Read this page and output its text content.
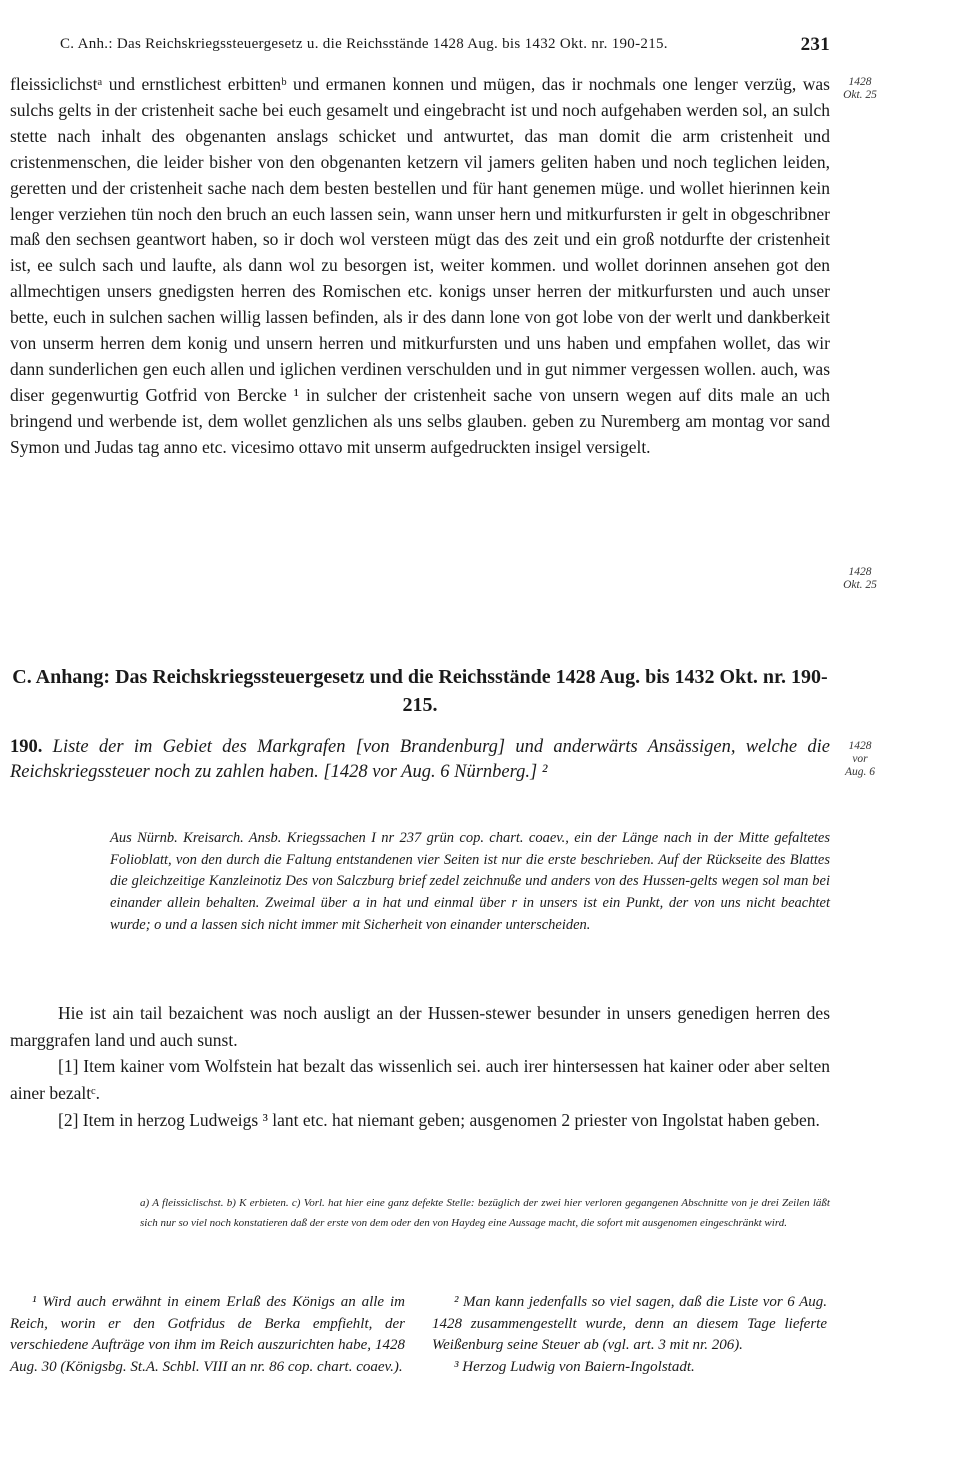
C. Anh.: Das Reichskriegssteuergesetz u. die Reichsstände 1428 Aug. bis 1432 Okt. nr. 190-215.	231
1428
Okt. 25
fleissiclichstᵃ und ernstlichest erbittenᵇ und ermanen konnen und mügen, das ir nochmals one lenger verzüg, was sulchs gelts in der cristenheit sache bei euch gesamelt und eingebracht ist und noch aufgehaben werden sol, an sulch stette nach inhalt des obgenanten anslags schicket und antwurtet, das man domit die arm cristenheit und cristenmenschen, die leider bisher von den obgenanten ketzern vil jamers geliten haben und noch teglichen leiden, geretten und der cristenheit sache nach dem besten bestellen und für hant genemen müge. und wollet hierinnen kein lenger verziehen tün noch den bruch an euch lassen sein, wann unser hern und mitkurfursten ir gelt in obgeschribner maß den sechsen geantwort haben, so ir doch wol versteen mügt das des zeit und ein groß notdurfte der cristenheit ist, ee sulch sach und laufte, als dann wol zu besorgen ist, weiter kommen. und wollet dorinnen ansehen got den allmechtigen unsers gnedigsten herren des Romischen etc. konigs unser herren der mitkurfursten und auch unser bette, euch in sulchen sachen willig lassen befinden, als ir des dann lone von got lobe von der werlt und dankberkeit von unserm herren dem konig und unsern herren und mitkurfursten und uns haben und empfahen wollet, das wir dann sunderlichen gen euch allen und iglichen verdinen verschulden und in gut nimmer vergessen wollen. auch, was diser gegenwurtig Gotfrid von Bercke ¹ in sulcher der cristenheit sache von unsern wegen auf dits male an uch bringend und werbende ist, dem wollet genzlichen als uns selbs glauben. geben zu Nuremberg am montag vor sand Symon und Judas tag anno etc. vicesimo ottavo mit unserm aufgedruckten insigel versigelt.
1428
Okt. 25
C. Anhang: Das Reichskriegssteuergesetz und die Reichsstände 1428 Aug. bis 1432 Okt. nr. 190-215.
190. Liste der im Gebiet des Markgrafen [von Brandenburg] und anderwärts Ansässigen, welche die Reichskriegssteuer noch zu zahlen haben. [1428 vor Aug. 6 Nürnberg.] ²
1428
vor
Aug. 6
Aus Nürnb. Kreisarch. Ansb. Kriegssachen I nr 237 grün cop. chart. coaev., ein der Länge nach in der Mitte gefaltetes Folioblatt, von den durch die Faltung entstandenen vier Seiten ist nur die erste beschrieben. Auf der Rückseite des Blattes die gleichzeitige Kanzleinotiz Des von Salczburg brief zedel zeichnuße und anders von des Hussen-gelts wegen sol man bei einander allein behalten. Zweimal über a in hat und einmal über r in unsers ist ein Punkt, der von uns nicht beachtet wurde; o und a lassen sich nicht immer mit Sicherheit von einander unterscheiden.

Hie ist ain tail bezaichent was noch ausligt an der Hussen-stewer besunder in unsers genedigen herren des marggrafen land und auch sunst.

[1] Item kainer vom Wolfstein hat bezalt das wissenlich sei. auch irer hintersessen hat kainer oder aber selten ainer bezaltᶜ.

[2] Item in herzog Ludweigs ³ lant etc. hat niemant geben; ausgenomen 2 priester von Ingolstat haben geben.

a) A fleissiclischst. b) K erbieten. c) Vorl. hat hier eine ganz defekte Stelle: bezüglich der zwei hier verloren gegangenen Abschnitte von je drei Zeilen läßt sich nur so viel noch konstatieren daß der erste von dem oder den von Haydeg eine Aussage macht, die sofort mit ausgenomen eingeschränkt wird.

¹ Wird auch erwähnt in einem Erlaß des Königs an alle im Reich, worin er den Gotfridus de Berka empfiehlt, der verschiedene Aufträge von ihm im Reich auszurichten habe, 1428 Aug. 30 (Königsbg. St.A. Schbl. VIII an nr. 86 cop. chart. coaev.).

² Man kann jedenfalls so viel sagen, daß die Liste vor 6 Aug. 1428 zusammengestellt wurde, denn an diesem Tage lieferte Weißenburg seine Steuer ab (vgl. art. 3 mit nr. 206).

³ Herzog Ludwig von Baiern-Ingolstadt.
